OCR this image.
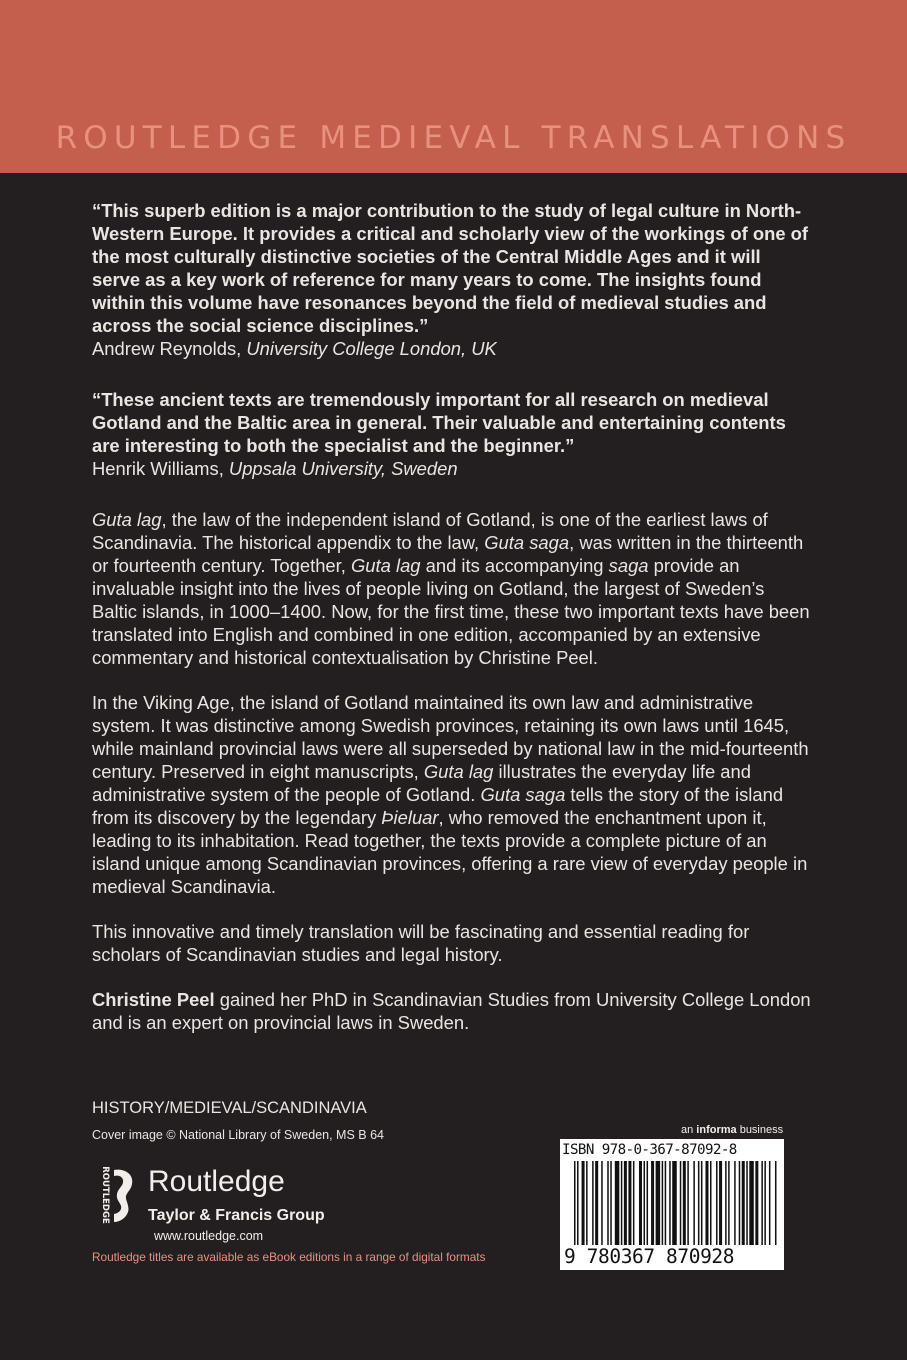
ROUTLEDGE MEDIEVAL TRANSLATIONS

“This superb edition is a major contribution to the study of legal culture in North-Western Europe. It provides a critical and scholarly view of the workings of one of the most culturally distinctive societies of the Central Middle Ages and it will serve as a key work of reference for many years to come. The insights found within this volume have resonances beyond the field of medieval studies and across the social science disciplines.”

Andrew Reynolds, University College London, UK

“These ancient texts are tremendously important for all research on medieval Gotland and the Baltic area in general. Their valuable and entertaining contents are interesting to both the specialist and the beginner.”

Henrik Williams, Uppsala University, Sweden

Guta lag, the law of the independent island of Gotland, is one of the earliest laws of Scandinavia. The historical appendix to the law, Guta saga, was written in the thirteenth or fourteenth century. Together, Guta lag and its accompanying saga provide an invaluable insight into the lives of people living on Gotland, the largest of Sweden’s Baltic islands, in 1000–1400. Now, for the first time, these two important texts have been translated into English and combined in one edition, accompanied by an extensive commentary and historical contextualisation by Christine Peel.

In the Viking Age, the island of Gotland maintained its own law and administrative system. It was distinctive among Swedish provinces, retaining its own laws until 1645, while mainland provincial laws were all superseded by national law in the mid-fourteenth century. Preserved in eight manuscripts, Guta lag illustrates the everyday life and administrative system of the people of Gotland. Guta saga tells the story of the island from its discovery by the legendary Þieluar, who removed the enchantment upon it, leading to its inhabitation. Read together, the texts provide a complete picture of an island unique among Scandinavian provinces, offering a rare view of everyday people in medieval Scandinavia.

This innovative and timely translation will be fascinating and essential reading for scholars of Scandinavian studies and legal history.

Christine Peel gained her PhD in Scandinavian Studies from University College London and is an expert on provincial laws in Sweden.

HISTORY/MEDIEVAL/SCANDINAVIA
Cover image © National Library of Sweden, MS B 64
ROUTLEDGE Routledge
Taylor & Francis Group
www.routledge.com
Routledge titles are available as eBook editions in a range of digital formats
an informa business
ISBN 978-0-367-87092-8
9 780367 870928
